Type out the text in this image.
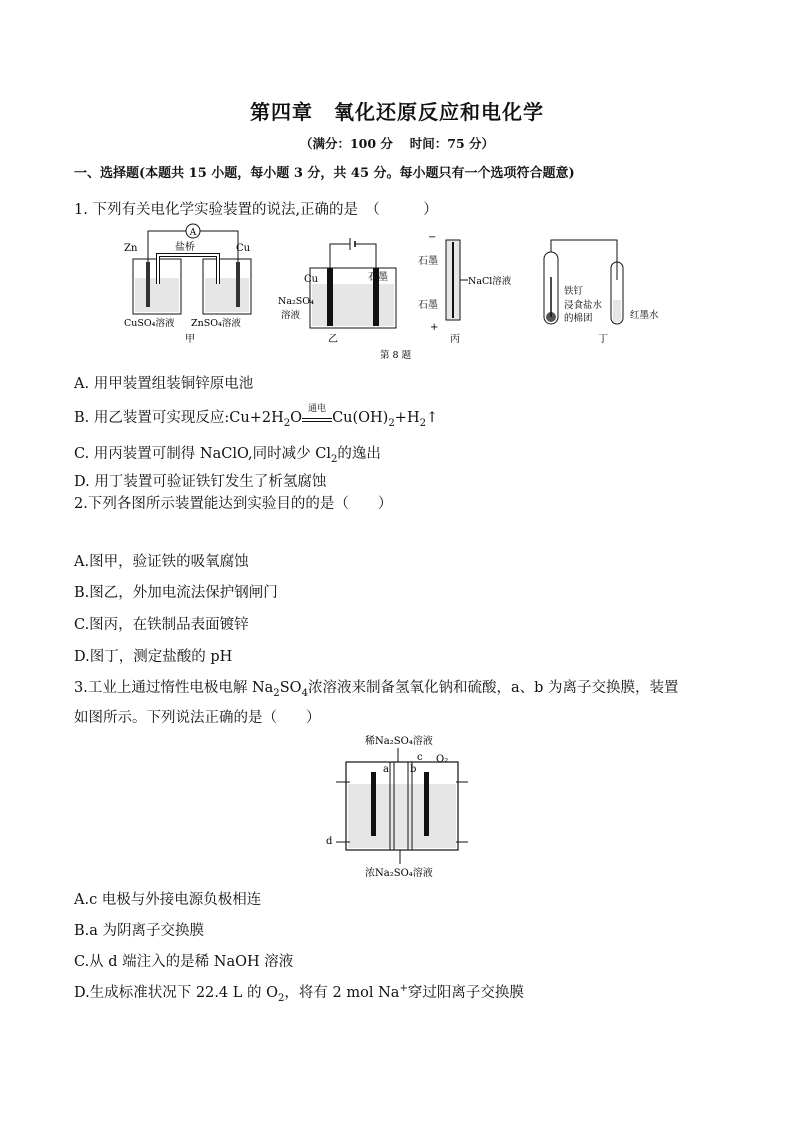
第四章　氧化还原反应和电化学
（满分：100 分　 时间：75 分）
一、选择题(本题共 15 小题，每小题 3 分，共 45 分。每小题只有一个选项符合题意)
1. 下列有关电化学实验装置的说法,正确的是　（　　　）
A
Zn	Cu
盐桥
CuSO₄溶液 ZnSO₄溶液
甲
Cu	石墨
Na₂SO₄
溶液
乙
−
石墨
石墨
NaCl溶液
+
丙
铁钉
浸食盐水
的棉团	红墨水
丁
第 8 题
A. 用甲装置组装铜锌原电池
B. 用乙装置可实现反应$:Cu+2H_2O$
通电
$Cu(OH)_2+H_2↑$
C. 用丙装置可制得 NaClO,同时减少 $Cl_2$的逸出
D. 用丁装置可验证铁钉发生了析氢腐蚀
2.下列各图所示装置能达到实验目的的是（　　）
A.图甲，验证铁的吸氧腐蚀
B.图乙，外加电流法保护钢闸门
C.图丙，在铁制品表面镀锌
D.图丁，测定盐酸的 pH
3.工业上通过惰性电极电解 $Na_2SO_4$浓溶液来制备氢氧化钠和硫酸，a、b 为离子交换膜，装置
如图所示。下列说法正确的是（　　）
稀Na₂SO₄溶液
a b
c O₂
d
浓Na₂SO₄溶液
A.c 电极与外接电源负极相连
B.a 为阴离子交换膜
C.从 d 端注入的是稀 NaOH 溶液
D.生成标准状况下 22.4 L 的 $O_2$，将有 2 mol Na+穿过阳离子交换膜
